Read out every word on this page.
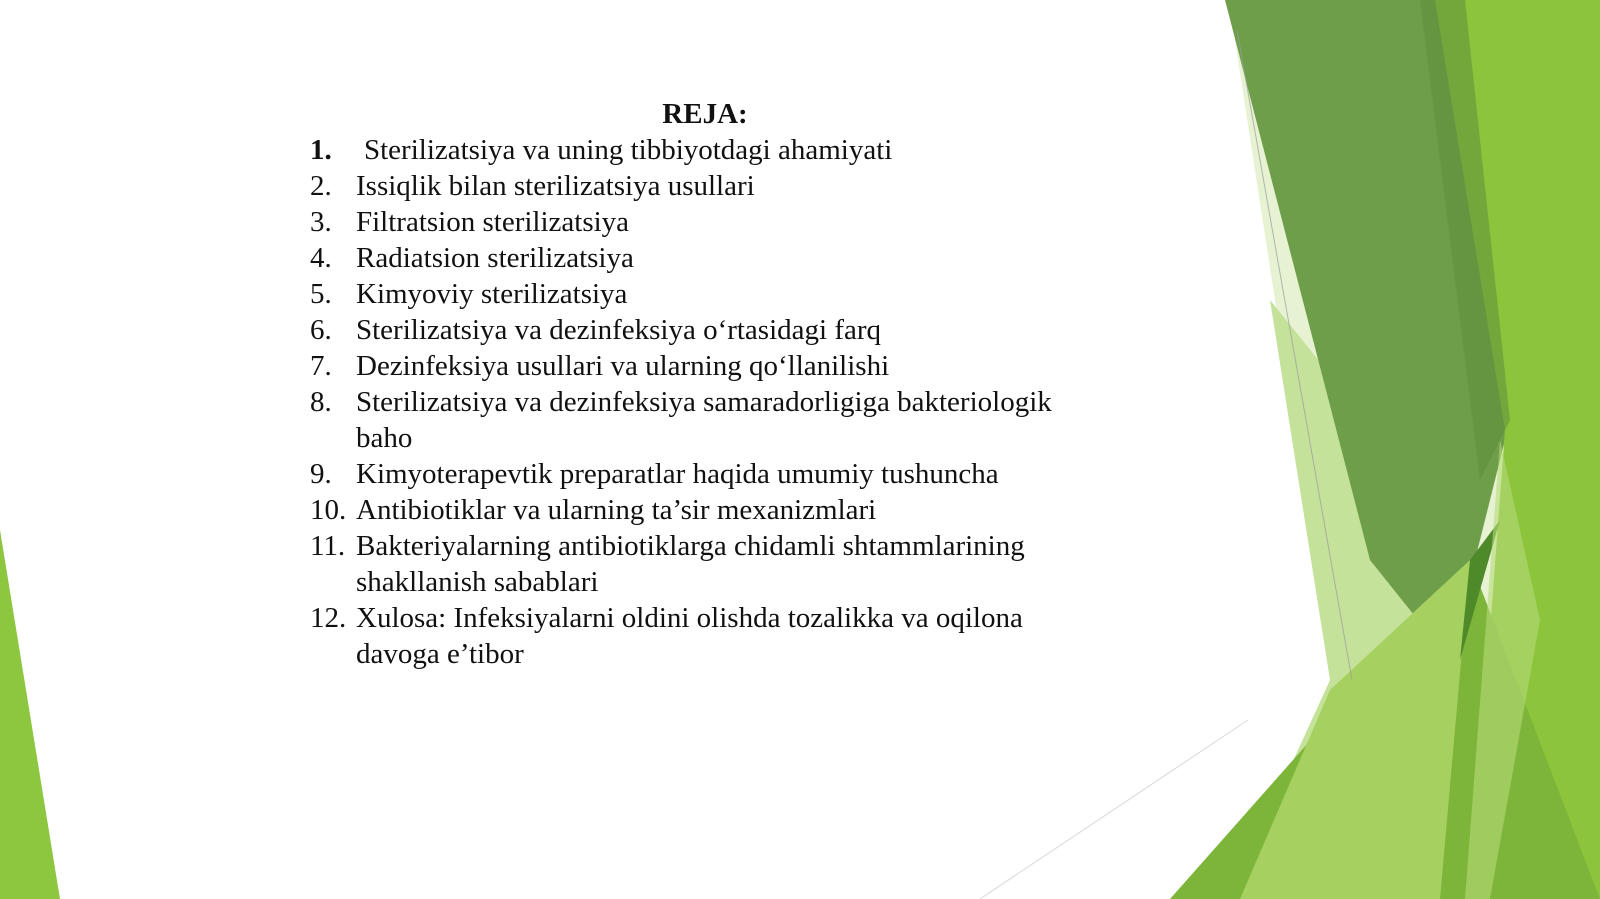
REJA:
1.	Sterilizatsiya va uning tibbiyotdagi ahamiyati
2. Issiqlik bilan sterilizatsiya usullari
3. Filtratsion sterilizatsiya
4. Radiatsion sterilizatsiya
5. Kimyoviy sterilizatsiya
6. Sterilizatsiya va dezinfeksiya o‘rtasidagi farq
7. Dezinfeksiya usullari va ularning qo‘llanilishi
8. Sterilizatsiya va dezinfeksiya samaradorligiga bakteriologik baho
9. Kimyoterapevtik preparatlar haqida umumiy tushuncha
10. Antibiotiklar va ularning ta’sir mexanizmlari
11. Bakteriyalarning antibiotiklarga chidamli shtammlarining shakllanish sabablari
12. Xulosa: Infeksiyalarni oldini olishda tozalikka va oqilona davoga e’tibor
